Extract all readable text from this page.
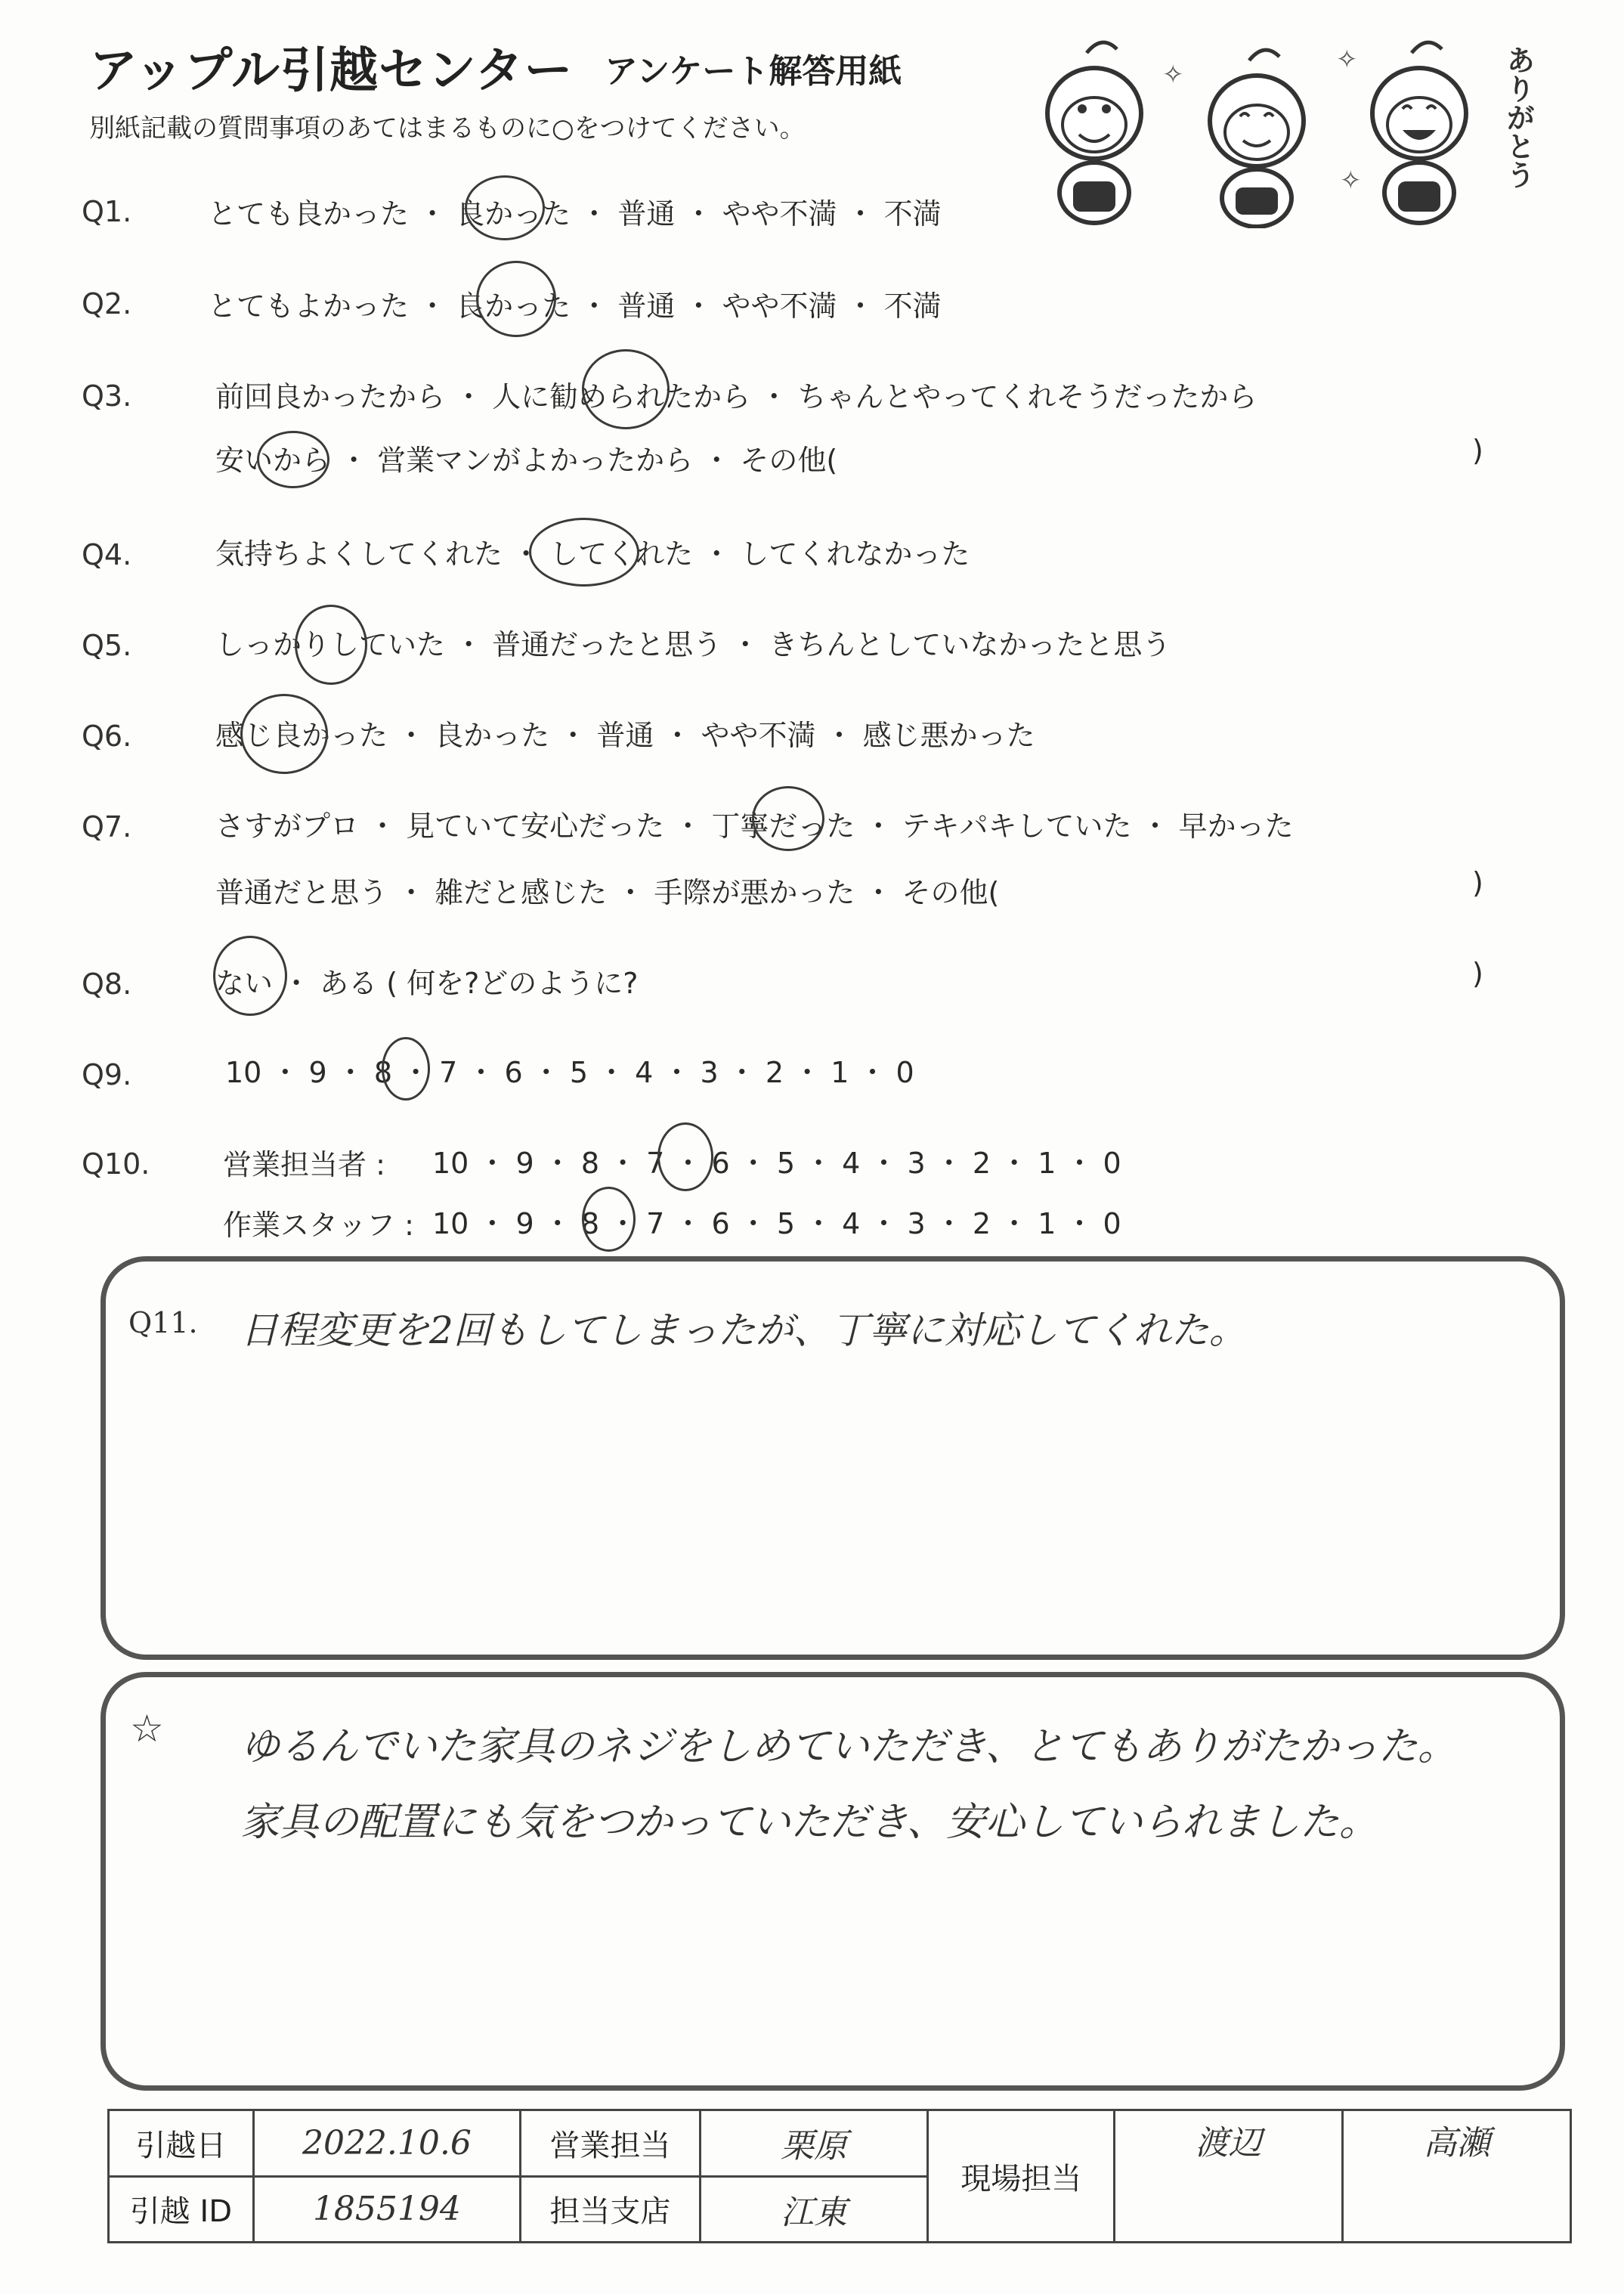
アップル引越センター アンケート解答用紙
別紙記載の質問事項のあてはまるものに○をつけてください。
✧	✧
✧	ありがとう
Q1.	とても良かった ・ 良かった ・ 普通 ・ やや不満 ・ 不満
Q2.	とてもよかった ・ 良かった ・ 普通 ・ やや不満 ・ 不満
Q3.	前回良かったから ・ 人に勧められたから ・ ちゃんとやってくれそうだったから
安いから ・ 営業マンがよかったから ・ その他(	)
Q4.	気持ちよくしてくれた ・ してくれた ・ してくれなかった
Q5.	しっかりしていた ・ 普通だったと思う ・ きちんとしていなかったと思う
Q6.	感じ良かった ・ 良かった ・ 普通 ・ やや不満 ・ 感じ悪かった
Q7.	さすがプロ ・ 見ていて安心だった ・ 丁寧だった ・ テキパキしていた ・ 早かった
普通だと思う ・ 雑だと感じた ・ 手際が悪かった ・ その他(	)
Q8.	ない ・ ある ( 何を?どのように?	)
Q9.	10 ・ 9 ・ 8 ・ 7 ・ 6 ・ 5 ・ 4 ・ 3 ・ 2 ・ 1 ・ 0
Q10.	営業担当者 : 10 ・ 9 ・ 8 ・ 7 ・ 6 ・ 5 ・ 4 ・ 3 ・ 2 ・ 1 ・ 0
作業スタッフ : 10 ・ 9 ・ 8 ・ 7 ・ 6 ・ 5 ・ 4 ・ 3 ・ 2 ・ 1 ・ 0
Q11. 日程変更を2回もしてしまったが、丁寧に対応してくれた。
☆ ゆるんでいた家具のネジをしめていただき、とてもありがたかった。
家具の配置にも気をつかっていただき、安心していられました。
引越日	2022.10.6	営業担当	栗原	現場担当	渡辺	高瀬
引越 ID	1855194	担当支店	江東			
